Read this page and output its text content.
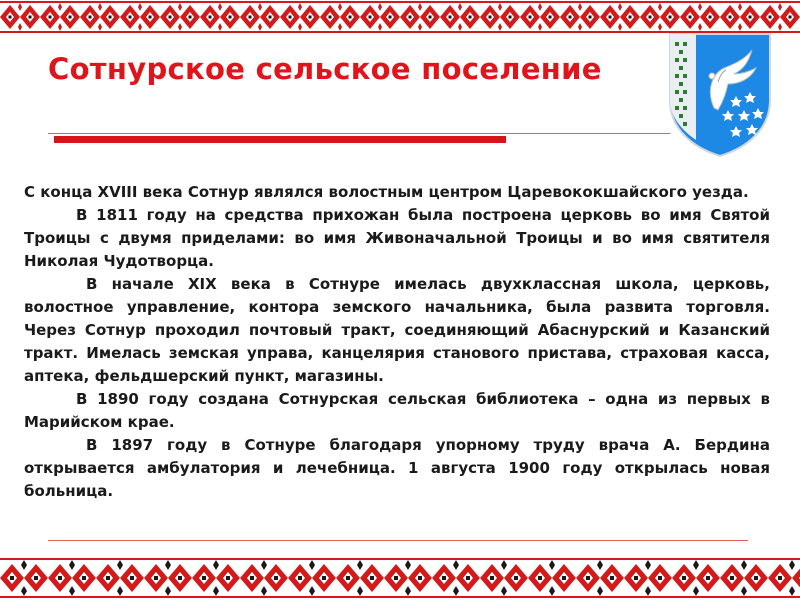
Сотнурское сельское поселение

С конца XVIII века Сотнур являлся волостным центром Царевококшайского уезда.

В 1811 году на средства прихожан была построена церковь во имя Святой Троицы с двумя приделами: во имя Живоначальной Троицы и во имя святителя Николая Чудотворца.

В начале XIX века в Сотнуре имелась двухклассная школа, церковь, волостное управление, контора земского начальника, была развита торговля. Через Сотнур проходил почтовый тракт, соединяющий Абаснурский и Казанский тракт. Имелась земская управа, канцелярия станового пристава, страховая касса, аптека, фельдшерский пункт, магазины.

В 1890 году создана Сотнурская сельская библиотека – одна из первых в Марийском крае.

В 1897 году в Сотнуре благодаря упорному труду врача А. Бердина открывается амбулатория и лечебница. 1 августа 1900 году открылась новая больница.
